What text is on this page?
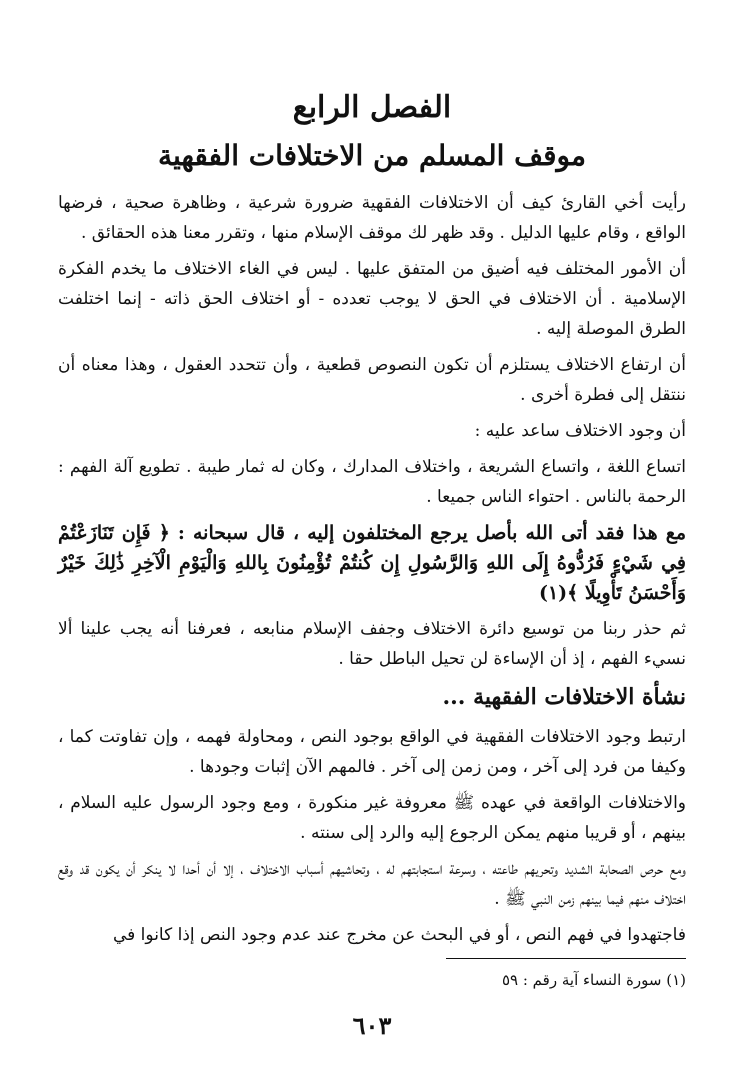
الفصل الرابع
موقف المسلم من الاختلافات الفقهية

رأيت أخي القارئ كيف أن الاختلافات الفقهية ضرورة شرعية ، وظاهرة صحية ، فرضها الواقع ، وقام عليها الدليل . وقد ظهر لك موقف الإسلام منها ، وتقرر معنا هذه الحقائق .

أن الأمور المختلف فيه أضيق من المتفق عليها . ليس في الغاء الاختلاف ما يخدم الفكرة الإسلامية . أن الاختلاف في الحق لا يوجب تعدده - أو اختلاف الحق ذاته - إنما اختلفت الطرق الموصلة إليه .

أن ارتفاع الاختلاف يستلزم أن تكون النصوص قطعية ، وأن تتحدد العقول ، وهذا معناه أن ننتقل إلى فطرة أخرى .

أن وجود الاختلاف ساعد عليه :

اتساع اللغة ، واتساع الشريعة ، واختلاف المدارك ، وكان له ثمار طيبة . تطويع آلة الفهم : الرحمة بالناس . احتواء الناس جميعا .

مع هذا فقد أتى الله بأصل يرجع المختلفون إليه ، قال سبحانه : ﴿ فَإِن تَنَازَعْتُمْ فِي شَيْءٍ فَرُدُّوهُ إِلَى اللهِ وَالرَّسُولِ إِن كُنتُمْ تُؤْمِنُونَ بِاللهِ وَالْيَوْمِ الْآخِرِ ذَٰلِكَ خَيْرٌ وَأَحْسَنُ تَأْوِيلًا ﴾(١)

ثم حذر ربنا من توسيع دائرة الاختلاف وجفف الإسلام منابعه ، فعرفنا أنه يجب علينا ألا نسيء الفهم ، إذ أن الإساءة لن تحيل الباطل حقا .

نشأة الاختلافات الفقهية ...

ارتبط وجود الاختلافات الفقهية في الواقع بوجود النص ، ومحاولة فهمه ، وإن تفاوتت كما ، وكيفا من فرد إلى آخر ، ومن زمن إلى آخر . فالمهم الآن إثبات وجودها .

والاختلافات الواقعة في عهده ﷺ معروفة غير منكورة ، ومع وجود الرسول عليه السلام ، بينهم ، أو قريبا منهم يمكن الرجوع إليه والرد إلى سنته .

ومع حرص الصحابة الشديد وتحريهم طاعته ، وسرعة استجابتهم له ، وتحاشيهم أسباب الاختلاف ، إلا أن أحدا لا ينكر أن يكون قد وقع اختلاف منهم فيما بينهم زمن النبي ﷺ .

فاجتهدوا في فهم النص ، أو في البحث عن مخرج عند عدم وجود النص إذا كانوا في

(١) سورة النساء آية رقم : ٥٩
٦٠٣
